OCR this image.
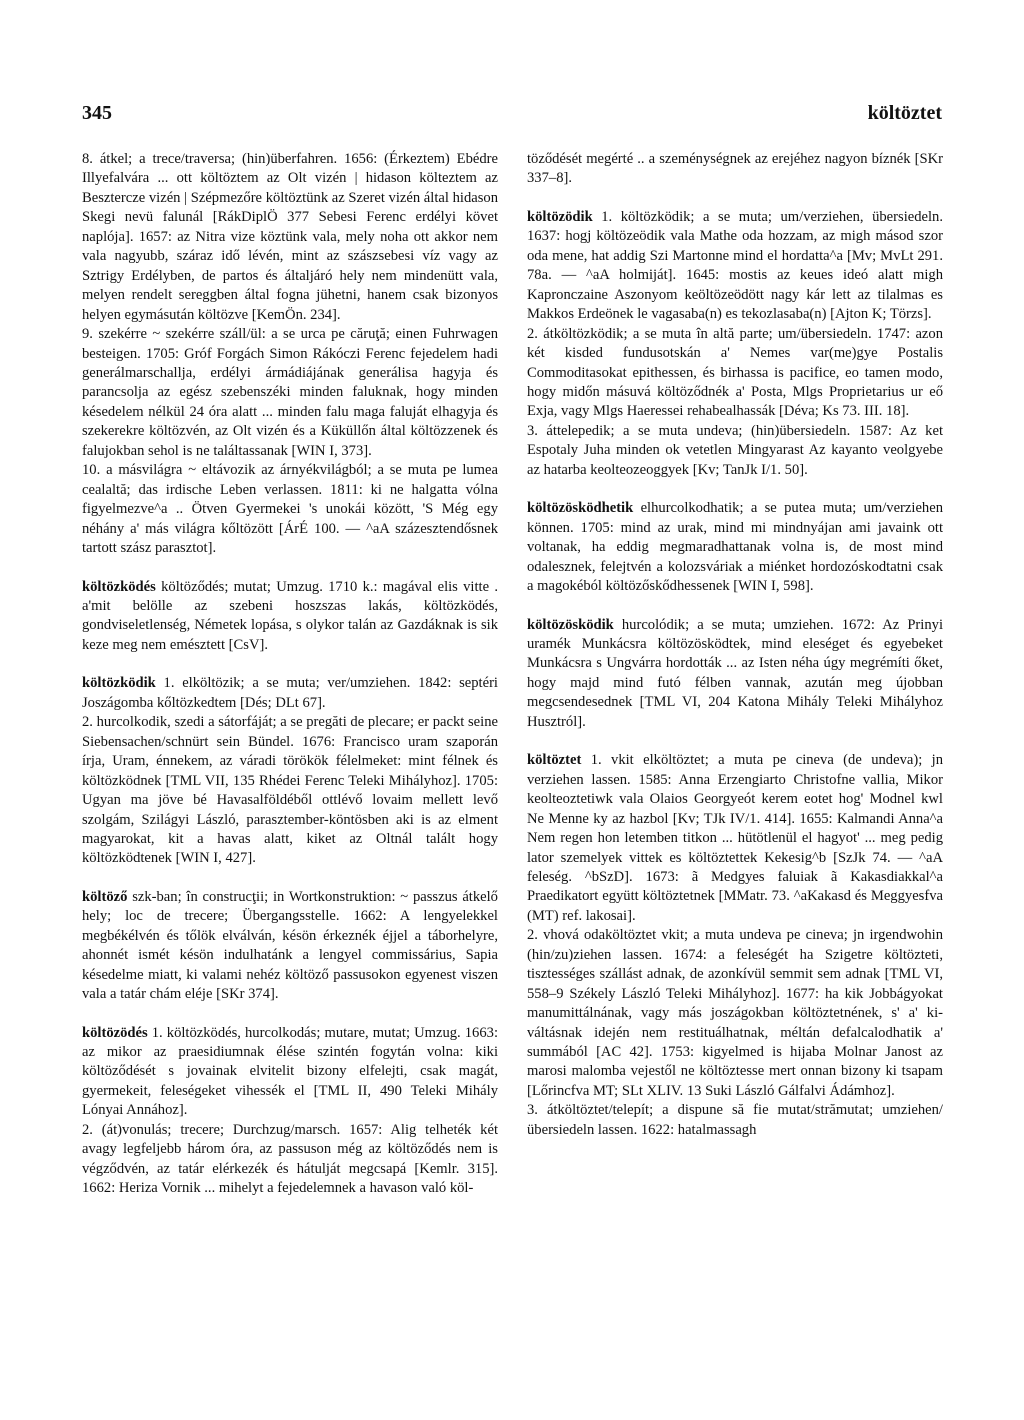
345	költöztet

8. átkel; a trece/traversa; (hin)überfahren. 1656: (Érkeztem) Ebédre Illyefalvára ... ott költöztem az Olt vizén | hidason költeztem az Besztercze vizén | Szépmezőre költöztünk az Szeret vizén által hidason Skegi nevü falunál [RákDiplÖ 377 Sebesi Ferenc erdélyi követ naplója]. 1657: az Nitra vize köztünk vala, mely noha ott akkor nem vala nagyubb, száraz idő lévén, mint az szászsebesi víz vagy az Sztrigy Erdélyben, de partos és általjáró hely nem mindenütt vala, melyen rendelt sereggben által fogna jühetni, hanem csak bizonyos helyen egymásután költözve [KemÖn. 234].

9. szekérre ~ szekérre száll/ül: a se urca pe căruţă; einen Fuhrwagen besteigen. 1705: Gróf Forgách Simon Rákóczi Ferenc fejedelem hadi generálmarschallja, erdélyi ármádiájának generálisa hagyja és parancsolja az egész szebenszéki minden faluknak, hogy minden késedelem nélkül 24 óra alatt ... minden falu maga faluját elhagyja és szekerekre költözvén, az Olt vizén és a Küküllőn által költözzenek és falujokban sehol is ne találtassanak [WIN I, 373].

10. a másvilágra ~ eltávozik az árnyékvilágból; a se muta pe lumea cealaltă; das irdische Leben verlassen. 1811: ki ne halgatta vólna figyelmezve^a .. Ötven Gyermekei 's unokái között, 'S Még egy néhány a' más világra kőltözött [ÁrÉ 100. — ^aA százesztendősnek tartott szász parasztot].

költözködés költöződés; mutat; Umzug. 1710 k.: magával elis vitte . a'mit belölle az szebeni hoszszas lakás, költözködés, gondviseletlenség, Németek lopása, s olykor talán az Gazdáknak is sik keze meg nem emésztett [CsV].

költözködik 1. elköltözik; a se muta; ver/umziehen. 1842: septéri Joszágomba kőltözkedtem [Dés; DLt 67].

2. hurcolkodik, szedi a sátorfáját; a se pregăti de plecare; er packt seine Siebensachen/schnürt sein Bündel. 1676: Francisco uram szaporán írja, Uram, énnekem, az váradi törökök félelmeket: mint félnek és költözködnek [TML VII, 135 Rhédei Ferenc Teleki Mihályhoz]. 1705: Ugyan ma jöve bé Havasalföldéből ottlévő lovaim mellett levő szolgám, Szilágyi László, parasztember-köntösben aki is az elment magyarokat, kit a havas alatt, kiket az Oltnál talált hogy költözködtenek [WIN I, 427].

költöző szk-ban; în construcţii; in Wortkonstruktion: ~ passzus átkelő hely; loc de trecere; Übergangsstelle. 1662: A lengyelekkel megbékélvén és tőlök elválván, késön érkeznék éjjel a táborhelyre, ahonnét ismét késön indulhatánk a lengyel commissárius, Sapia késedelme miatt, ki valami nehéz költöző passusokon egyenest viszen vala a tatár chám eléje [SKr 374].

költözödés 1. költözködés, hurcolkodás; mutare, mutat; Umzug. 1663: az mikor az praesidiumnak élése szintén fogytán volna: kiki költöződését s jovainak elvitelit bizony elfelejti, csak magát, gyermekeit, feleségeket vihessék el [TML II, 490 Teleki Mihály Lónyai Annához].

2. (át)vonulás; trecere; Durchzug/marsch. 1657: Alig telheték két avagy legfeljebb három óra, az passuson még az költöződés nem is végződvén, az tatár elérkezék és hátulját megcsapá [Kemlr. 315]. 1662: Heriza Vornik ... mihelyt a fejedelemnek a havason való köl-

töződését megérté .. a szeménységnek az erejéhez nagyon bíznék [SKr 337–8].

költözödik 1. költözködik; a se muta; um/verziehen, übersiedeln. 1637: hogj költözeödik vala Mathe oda hozzam, az migh másod szor oda mene, hat addig Szi Martonne mind el hordatta^a [Mv; MvLt 291. 78a. — ^aA holmiját]. 1645: mostis az keues ideó alatt migh Kapronczaine Aszonyom keöltözeödött nagy kár lett az tilalmas es Makkos Erdeönek le vagasaba(n) es tekozlasaba(n) [Ajton K; Törzs].

2. átköltözködik; a se muta în altă parte; um/übersiedeln. 1747: azon két kisded fundusotskán a' Nemes var(me)gye Postalis Commoditasokat epithessen, és birhassa is pacifice, eo tamen modo, hogy midőn másuvá költöződnék a' Posta, Mlgs Proprietarius ur eő Exja, vagy Mlgs Haeressei rehabealhassák [Déva; Ks 73. III. 18].

3. áttelepedik; a se muta undeva; (hin)übersiedeln. 1587: Az ket Espotaly Juha minden ok vetetlen Mingyarast Az kayanto veolgyebe az hatarba keolteozeoggyek [Kv; TanJk I/1. 50].

költözösködhetik elhurcolkodhatik; a se putea muta; um/verziehen können. 1705: mind az urak, mind mi mindnyájan ami javaink ott voltanak, ha eddig megmaradhattanak volna is, de most mind odalesznek, felejtvén a kolozsváriak a miénket hordozóskodtatni csak a magokéból költözőskődhessenek [WIN I, 598].

költözösködik hurcolódik; a se muta; umziehen. 1672: Az Prinyi uramék Munkácsra költözösködtek, mind eleséget és egyebeket Munkácsra s Ungvárra hordották ... az Isten néha úgy megrémíti őket, hogy majd mind futó félben vannak, azután meg újobban megcsendesednek [TML VI, 204 Katona Mihály Teleki Mihályhoz Husztról].

költöztet 1. vkit elköltöztet; a muta pe cineva (de undeva); jn verziehen lassen. 1585: Anna Erzengiarto Christofne vallia, Mikor keolteoztetiwk vala Olaios Georgyeót kerem eotet hog' Modnel kwl Ne Menne ky az hazbol [Kv; TJk IV/1. 414]. 1655: Kalmandi Anna^a Nem regen hon letemben titkon ... hütötlenül el hagyot' ... meg pedig lator szemelyek vittek es költöztettek Kekesig^b [SzJk 74. — ^aA feleség. ^bSzD]. 1673: ã Medgyes faluiak ã Kakasdiakkal^a Praedikatort együtt költöztetnek [MMatr. 73. ^aKakasd és Meggyesfva (MT) ref. lakosai].

2. vhová odaköltöztet vkit; a muta undeva pe cineva; jn irgendwohin (hin/zu)ziehen lassen. 1674: a feleségét ha Szigetre költözteti, tisztességes szállást adnak, de azonkívül semmit sem adnak [TML VI, 558–9 Székely László Teleki Mihályhoz]. 1677: ha kik Jobbágyokat manumittálnának, vagy más joszágokban költöztetnének, s' a' ki-váltásnak idején nem restituálhatnak, méltán defalcalodhatik a' summából [AC 42]. 1753: kigyelmed is hijaba Molnar Janost az marosi malomba vejestől ne költöztesse mert onnan bizony ki tsapam [Lőrincfva MT; SLt XLIV. 13 Suki László Gálfalvi Ádámhoz].

3. átköltöztet/telepít; a dispune să fie mutat/strămutat; umziehen/übersiedeln lassen. 1622: hatalmassagh
